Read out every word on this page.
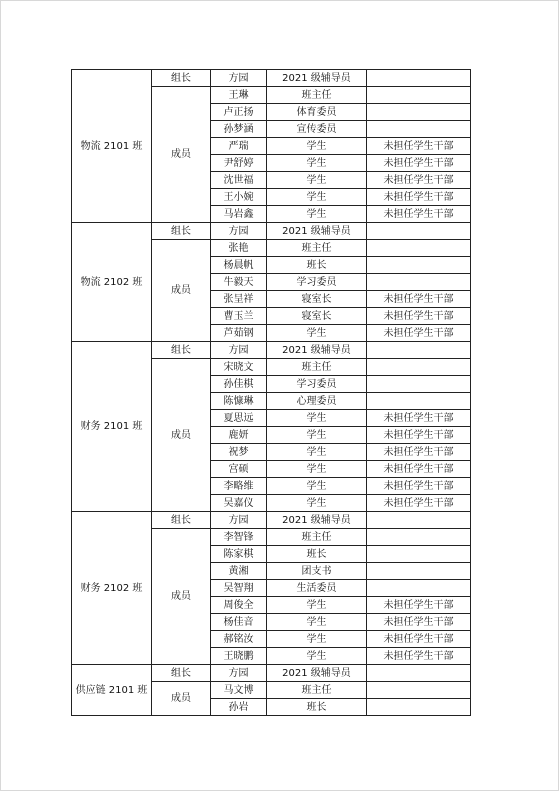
物流 2101 班	组长	方园	2021 级辅导员	
	成员	王琳	班主任	
		卢正扬	体育委员	
		孙梦涵	宣传委员	
		严瑞	学生	未担任学生干部
		尹舒婷	学生	未担任学生干部
		沈世福	学生	未担任学生干部
		王小婉	学生	未担任学生干部
		马岩鑫	学生	未担任学生干部
物流 2102 班	组长	方园	2021 级辅导员	
	成员	张艳	班主任	
		杨晨帆	班长	
		牛毅天	学习委员	
		张呈祥	寝室长	未担任学生干部
		曹玉兰	寝室长	未担任学生干部
		芦茹钢	学生	未担任学生干部
财务 2101 班	组长	方园	2021 级辅导员	
	成员	宋晓文	班主任	
		孙佳棋	学习委员	
		陈慷琳	心理委员	
		夏思远	学生	未担任学生干部
		鹿妍	学生	未担任学生干部
		祝梦	学生	未担任学生干部
		宫硕	学生	未担任学生干部
		李略维	学生	未担任学生干部
		吴嘉仪	学生	未担任学生干部
财务 2102 班	组长	方园	2021 级辅导员	
	成员	李智锋	班主任	
		陈家棋	班长	
		黄湘	团支书	
		吴智翔	生活委员	
		周俊全	学生	未担任学生干部
		杨佳音	学生	未担任学生干部
		郝铭汝	学生	未担任学生干部
		王晓鹏	学生	未担任学生干部
供应链 2101 班	组长	方园	2021 级辅导员	
	成员	马文博	班主任	
		孙岩	班长	
